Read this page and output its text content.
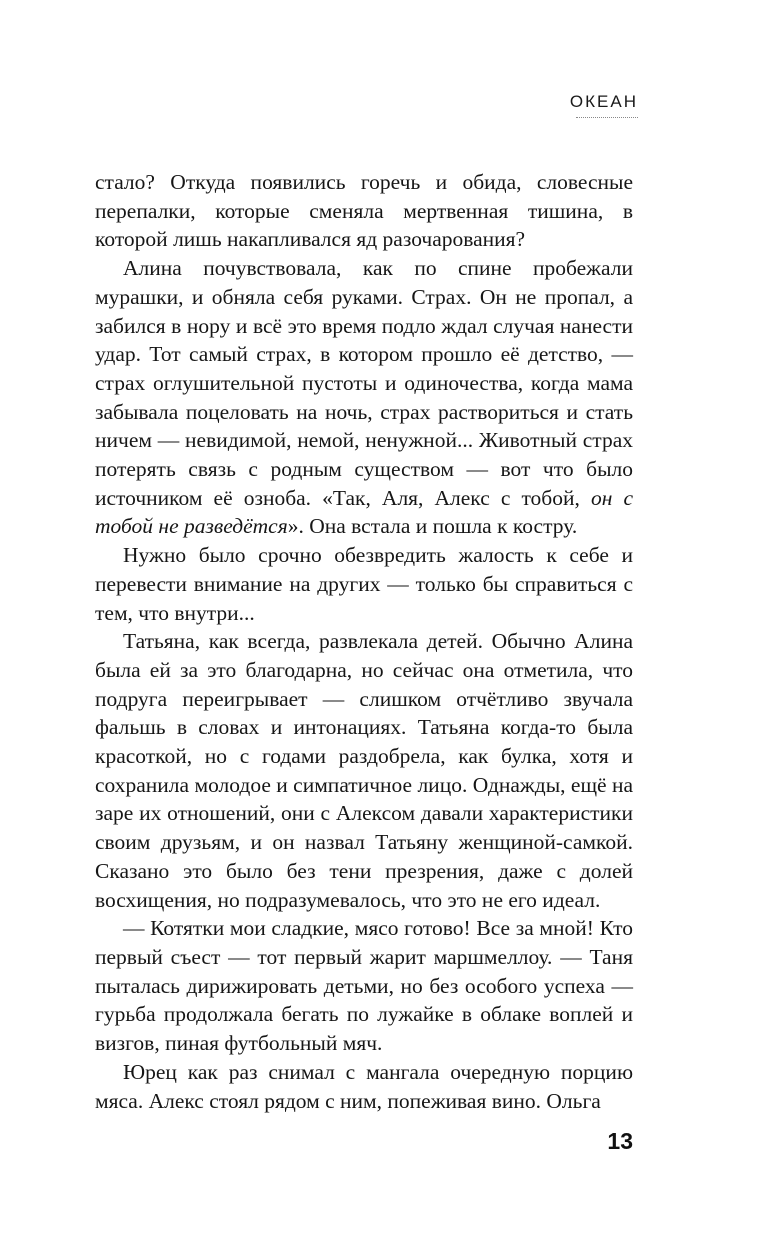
ОКЕАН

стало? Откуда появились горечь и обида, словесные перепалки, которые сменяла мертвенная тишина, в которой лишь накапливался яд разочарования?

Алина почувствовала, как по спине пробежали мурашки, и обняла себя руками. Страх. Он не пропал, а забился в нору и всё это время подло ждал случая нанести удар. Тот самый страх, в котором прошло её детство, — страх оглушительной пустоты и одиночества, когда мама забывала поцеловать на ночь, страх раствориться и стать ничем — невидимой, немой, ненужной... Животный страх потерять связь с родным существом — вот что было источником её озноба. «Так, Аля, Алекс с тобой, он с тобой не разведётся». Она встала и пошла к костру.

Нужно было срочно обезвредить жалость к себе и перевести внимание на других — только бы справиться с тем, что внутри...

Татьяна, как всегда, развлекала детей. Обычно Алина была ей за это благодарна, но сейчас она отметила, что подруга переигрывает — слишком отчётливо звучала фальшь в словах и интонациях. Татьяна когда-то была красоткой, но с годами раздобрела, как булка, хотя и сохранила молодое и симпатичное лицо. Однажды, ещё на заре их отношений, они с Алексом давали характеристики своим друзьям, и он назвал Татьяну женщиной-самкой. Сказано это было без тени презрения, даже с долей восхищения, но подразумевалось, что это не его идеал.

— Котятки мои сладкие, мясо готово! Все за мной! Кто первый съест — тот первый жарит маршмеллоу. — Таня пыталась дирижировать детьми, но без особого успеха — гурьба продолжала бегать по лужайке в облаке воплей и визгов, пиная футбольный мяч.

Юрец как раз снимал с мангала очередную порцию мяса. Алекс стоял рядом с ним, попеживая вино. Ольга

13
